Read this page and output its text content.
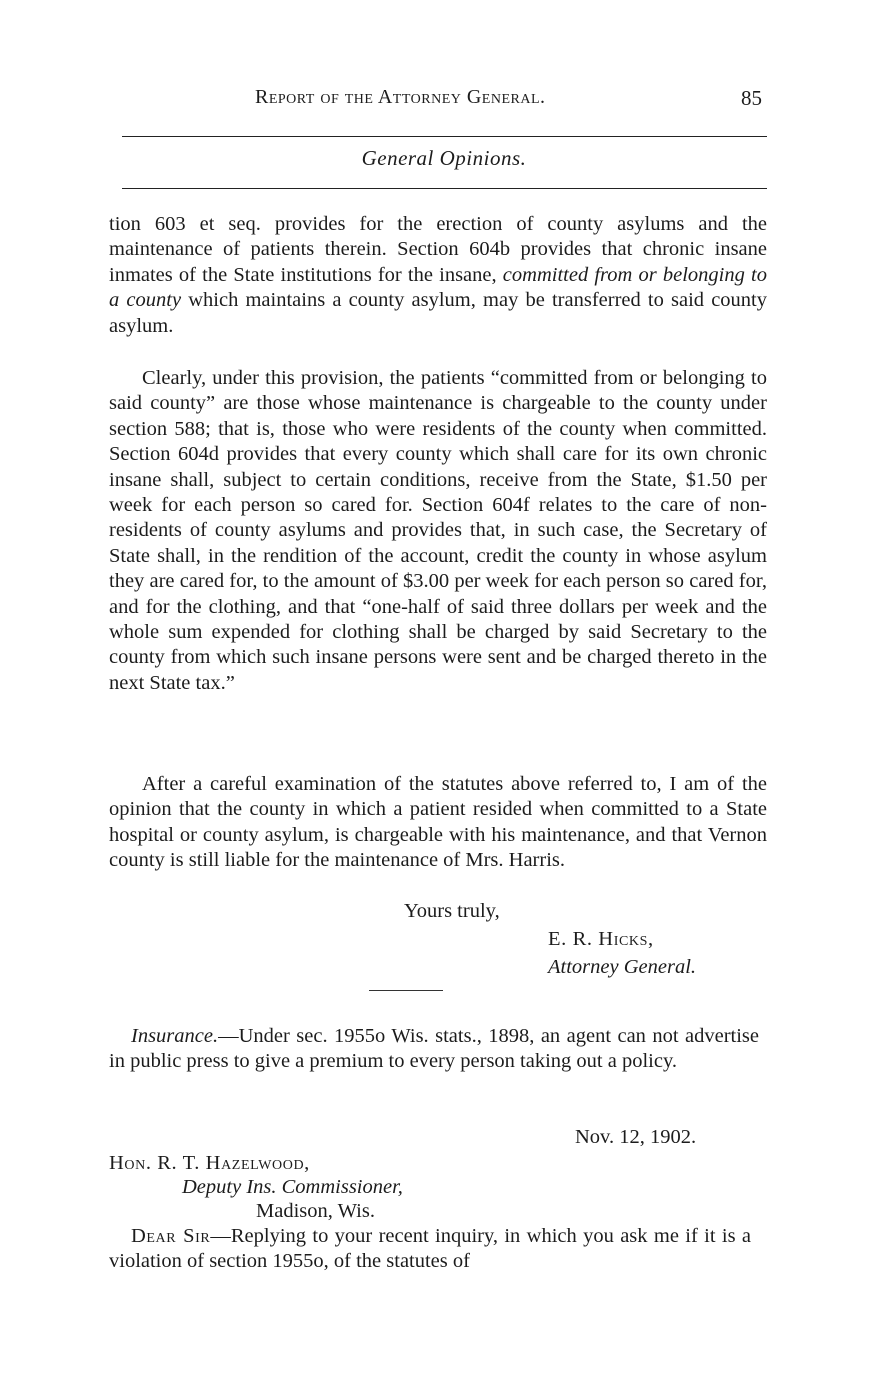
Report of the Attorney General.	85
General Opinions.

tion 603 et seq. provides for the erection of county asylums and the maintenance of patients therein. Section 604b provides that chronic insane inmates of the State institutions for the insane, committed from or belonging to a county which maintains a county asylum, may be transferred to said county asylum.

Clearly, under this provision, the patients “committed from or belonging to said county” are those whose maintenance is chargeable to the county under section 588; that is, those who were residents of the county when committed. Section 604d provides that every county which shall care for its own chronic insane shall, subject to certain conditions, receive from the State, $1.50 per week for each person so cared for. Section 604f relates to the care of non-residents of county asylums and provides that, in such case, the Secretary of State shall, in the rendition of the account, credit the county in whose asylum they are cared for, to the amount of $3.00 per week for each person so cared for, and for the clothing, and that “one-half of said three dollars per week and the whole sum expended for clothing shall be charged by said Secretary to the county from which such insane persons were sent and be charged thereto in the next State tax.”

After a careful examination of the statutes above referred to, I am of the opinion that the county in which a patient resided when committed to a State hospital or county asylum, is chargeable with his maintenance, and that Vernon county is still liable for the maintenance of Mrs. Harris.

Yours truly,
E. R. Hicks,
Attorney General.
Insurance.—Under sec. 1955o Wis. stats., 1898, an agent can not advertise in public press to give a premium to every person taking out a policy.
Nov. 12, 1902.
Hon. R. T. Hazelwood,
Deputy Ins. Commissioner,
Madison, Wis.
Dear Sir—Replying to your recent inquiry, in which you ask me if it is a violation of section 1955o, of the statutes of
